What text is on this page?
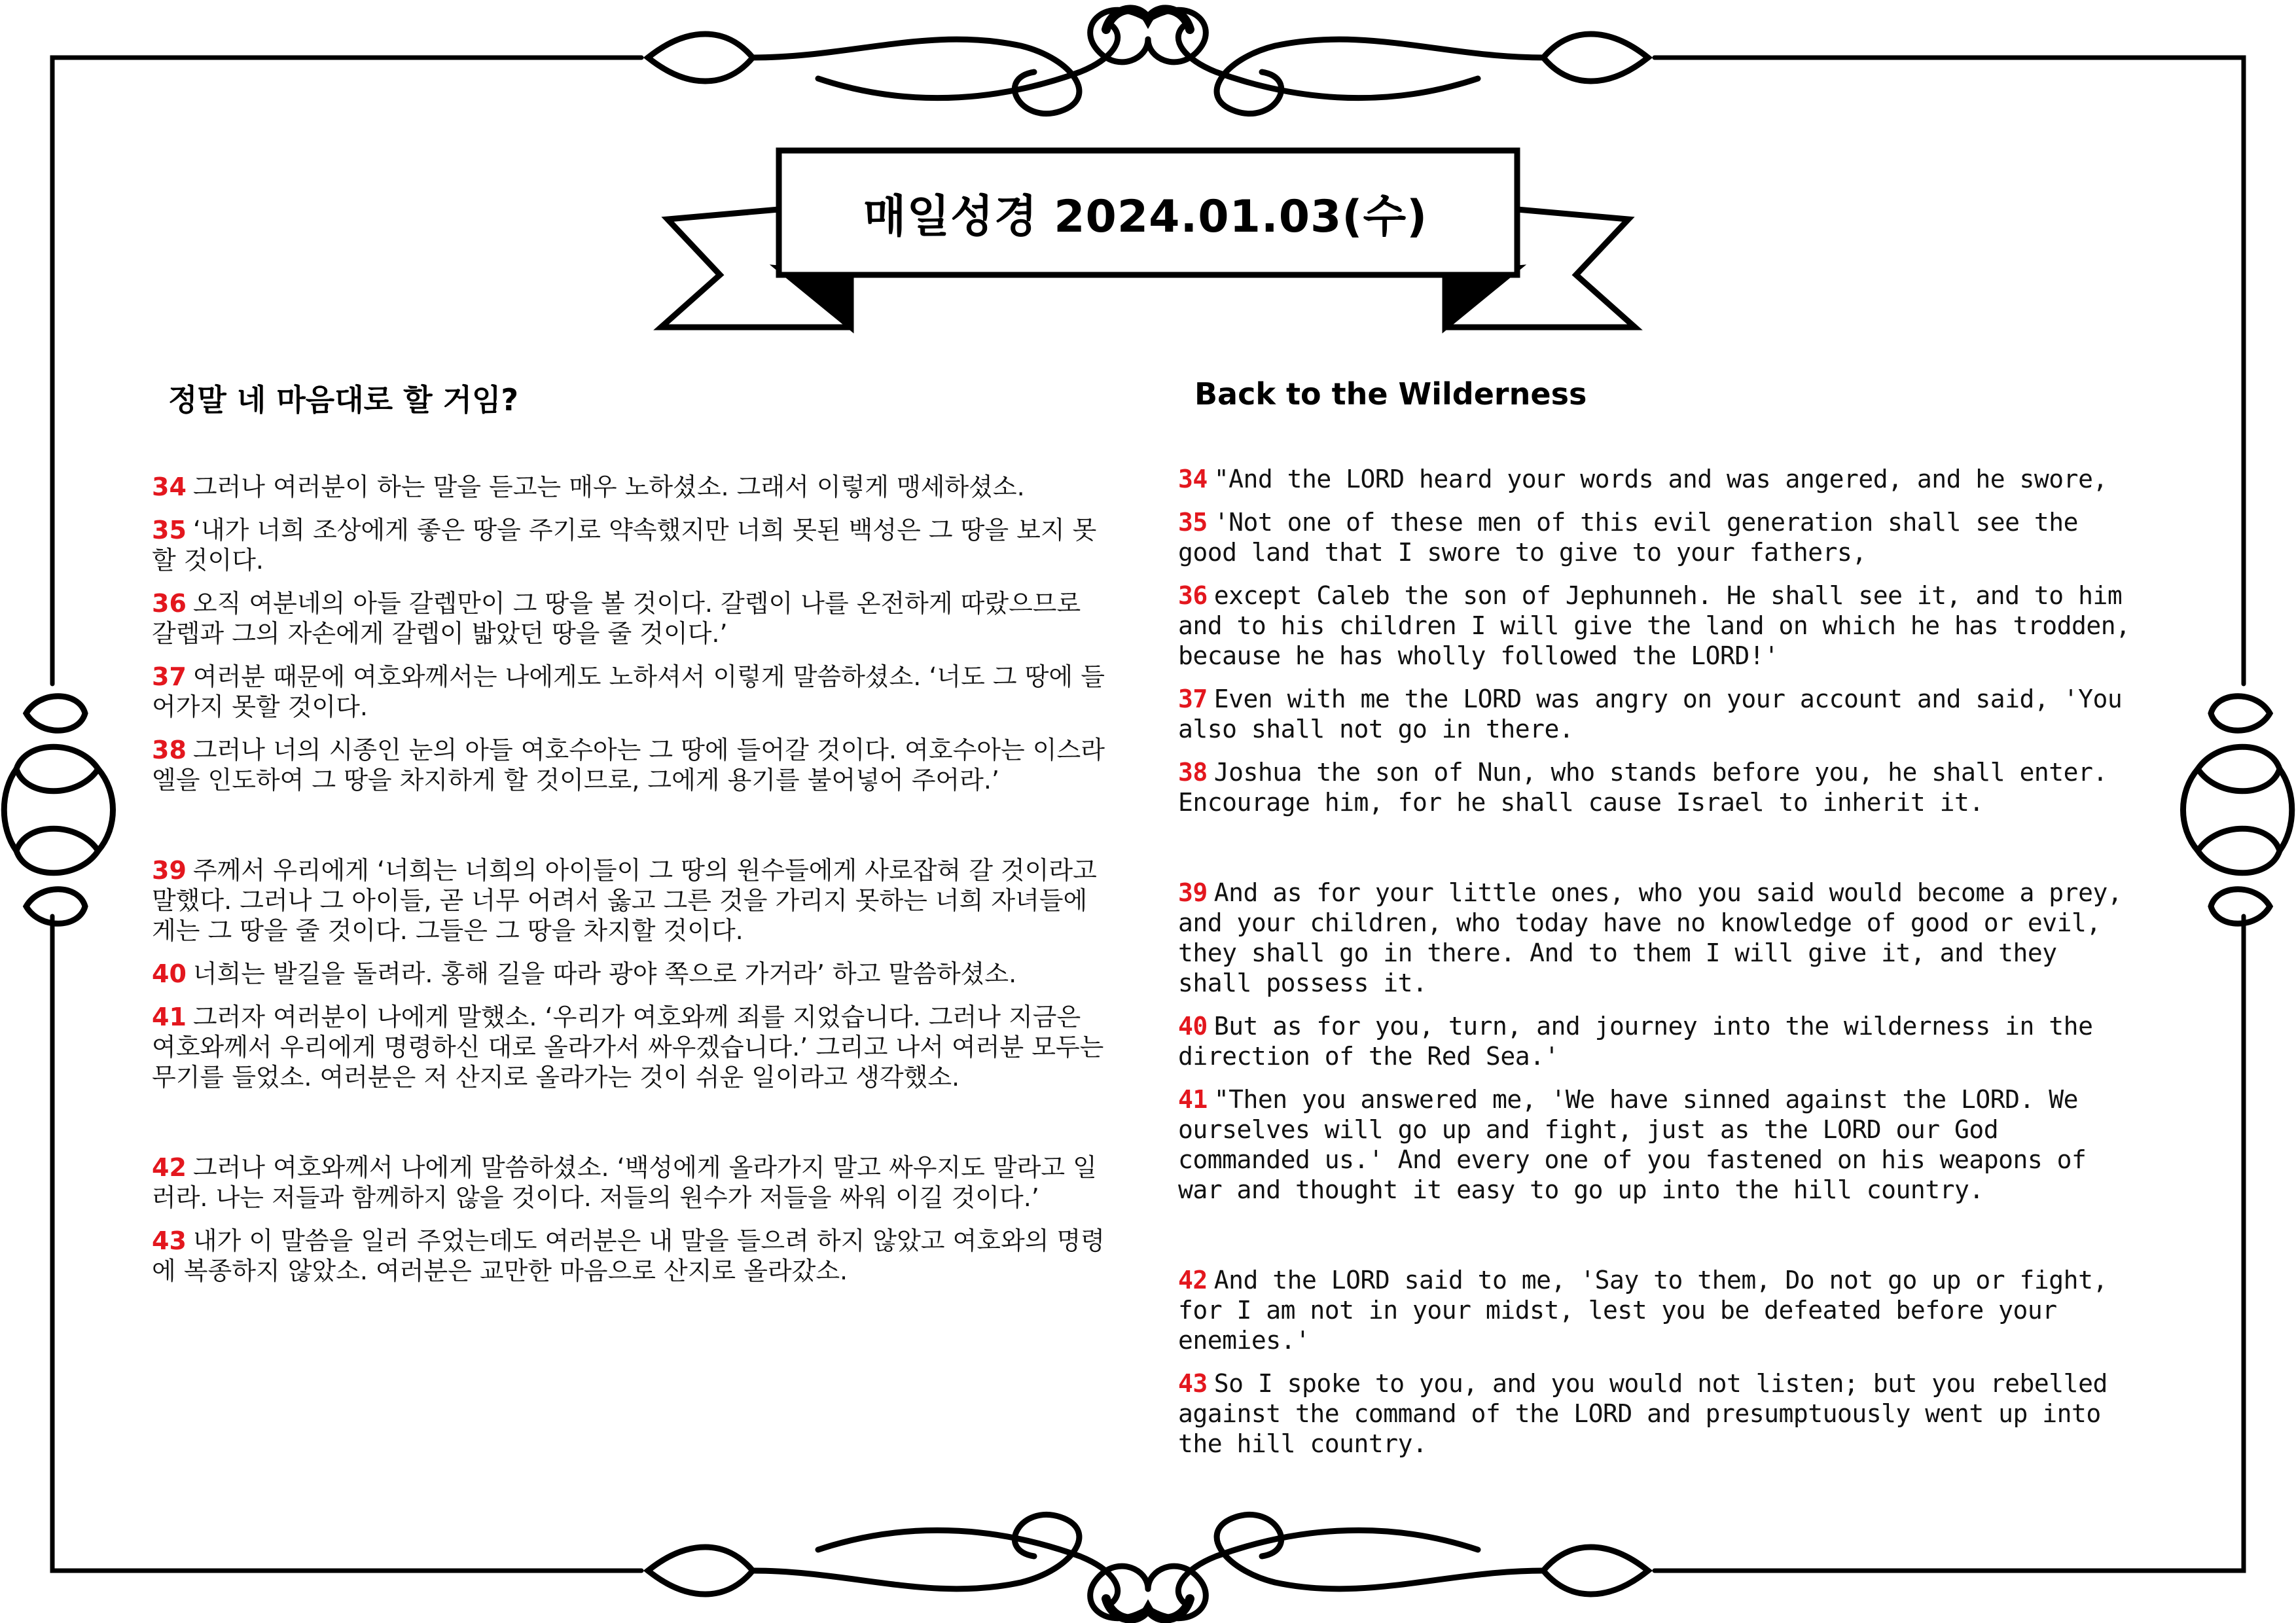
매일성경 2024.01.03(수)
정말 네 마음대로 할 거임?
34 그러나 여러분이 하는 말을 듣고는 매우 노하셨소. 그래서 이렇게 맹세하셨소.
35 ‘내가 너희 조상에게 좋은 땅을 주기로 약속했지만 너희 못된 백성은 그 땅을 보지 못할 것이다.
36 오직 여분네의 아들 갈렙만이 그 땅을 볼 것이다. 갈렙이 나를 온전하게 따랐으므로 갈렙과 그의 자손에게 갈렙이 밟았던 땅을 줄 것이다.’
37 여러분 때문에 여호와께서는 나에게도 노하셔서 이렇게 말씀하셨소. ‘너도 그 땅에 들어가지 못할 것이다.
38 그러나 너의 시종인 눈의 아들 여호수아는 그 땅에 들어갈 것이다. 여호수아는 이스라엘을 인도하여 그 땅을 차지하게 할 것이므로, 그에게 용기를 불어넣어 주어라.’
39 주께서 우리에게 ‘너희는 너희의 아이들이 그 땅의 원수들에게 사로잡혀 갈 것이라고 말했다. 그러나 그 아이들, 곧 너무 어려서 옳고 그른 것을 가리지 못하는 너희 자녀들에게는 그 땅을 줄 것이다. 그들은 그 땅을 차지할 것이다.
40 너희는 발길을 돌려라. 홍해 길을 따라 광야 쪽으로 가거라’ 하고 말씀하셨소.
41 그러자 여러분이 나에게 말했소. ‘우리가 여호와께 죄를 지었습니다. 그러나 지금은 여호와께서 우리에게 명령하신 대로 올라가서 싸우겠습니다.’ 그리고 나서 여러분 모두는 무기를 들었소. 여러분은 저 산지로 올라가는 것이 쉬운 일이라고 생각했소.
42 그러나 여호와께서 나에게 말씀하셨소. ‘백성에게 올라가지 말고 싸우지도 말라고 일러라. 나는 저들과 함께하지 않을 것이다. 저들의 원수가 저들을 싸워 이길 것이다.’
43 내가 이 말씀을 일러 주었는데도 여러분은 내 말을 들으려 하지 않았고 여호와의 명령에 복종하지 않았소. 여러분은 교만한 마음으로 산지로 올라갔소.
Back to the Wilderness
34 "And the LORD heard your words and was angered, and he swore,
35 'Not one of these men of this evil generation shall see the good land that I swore to give to your fathers,
36 except Caleb the son of Jephunneh. He shall see it, and to him and to his children I will give the land on which he has trodden, because he has wholly followed the LORD!'
37 Even with me the LORD was angry on your account and said, 'You also shall not go in there.
38 Joshua the son of Nun, who stands before you, he shall enter. Encourage him, for he shall cause Israel to inherit it.
39 And as for your little ones, who you said would become a prey, and your children, who today have no knowledge of good or evil, they shall go in there. And to them I will give it, and they shall possess it.
40 But as for you, turn, and journey into the wilderness in the direction of the Red Sea.'
41 "Then you answered me, 'We have sinned against the LORD. We ourselves will go up and fight, just as the LORD our God commanded us.' And every one of you fastened on his weapons of war and thought it easy to go up into the hill country.
42 And the LORD said to me, 'Say to them, Do not go up or fight, for I am not in your midst, lest you be defeated before your enemies.'
43 So I spoke to you, and you would not listen; but you rebelled against the command of the LORD and presumptuously went up into the hill country.
